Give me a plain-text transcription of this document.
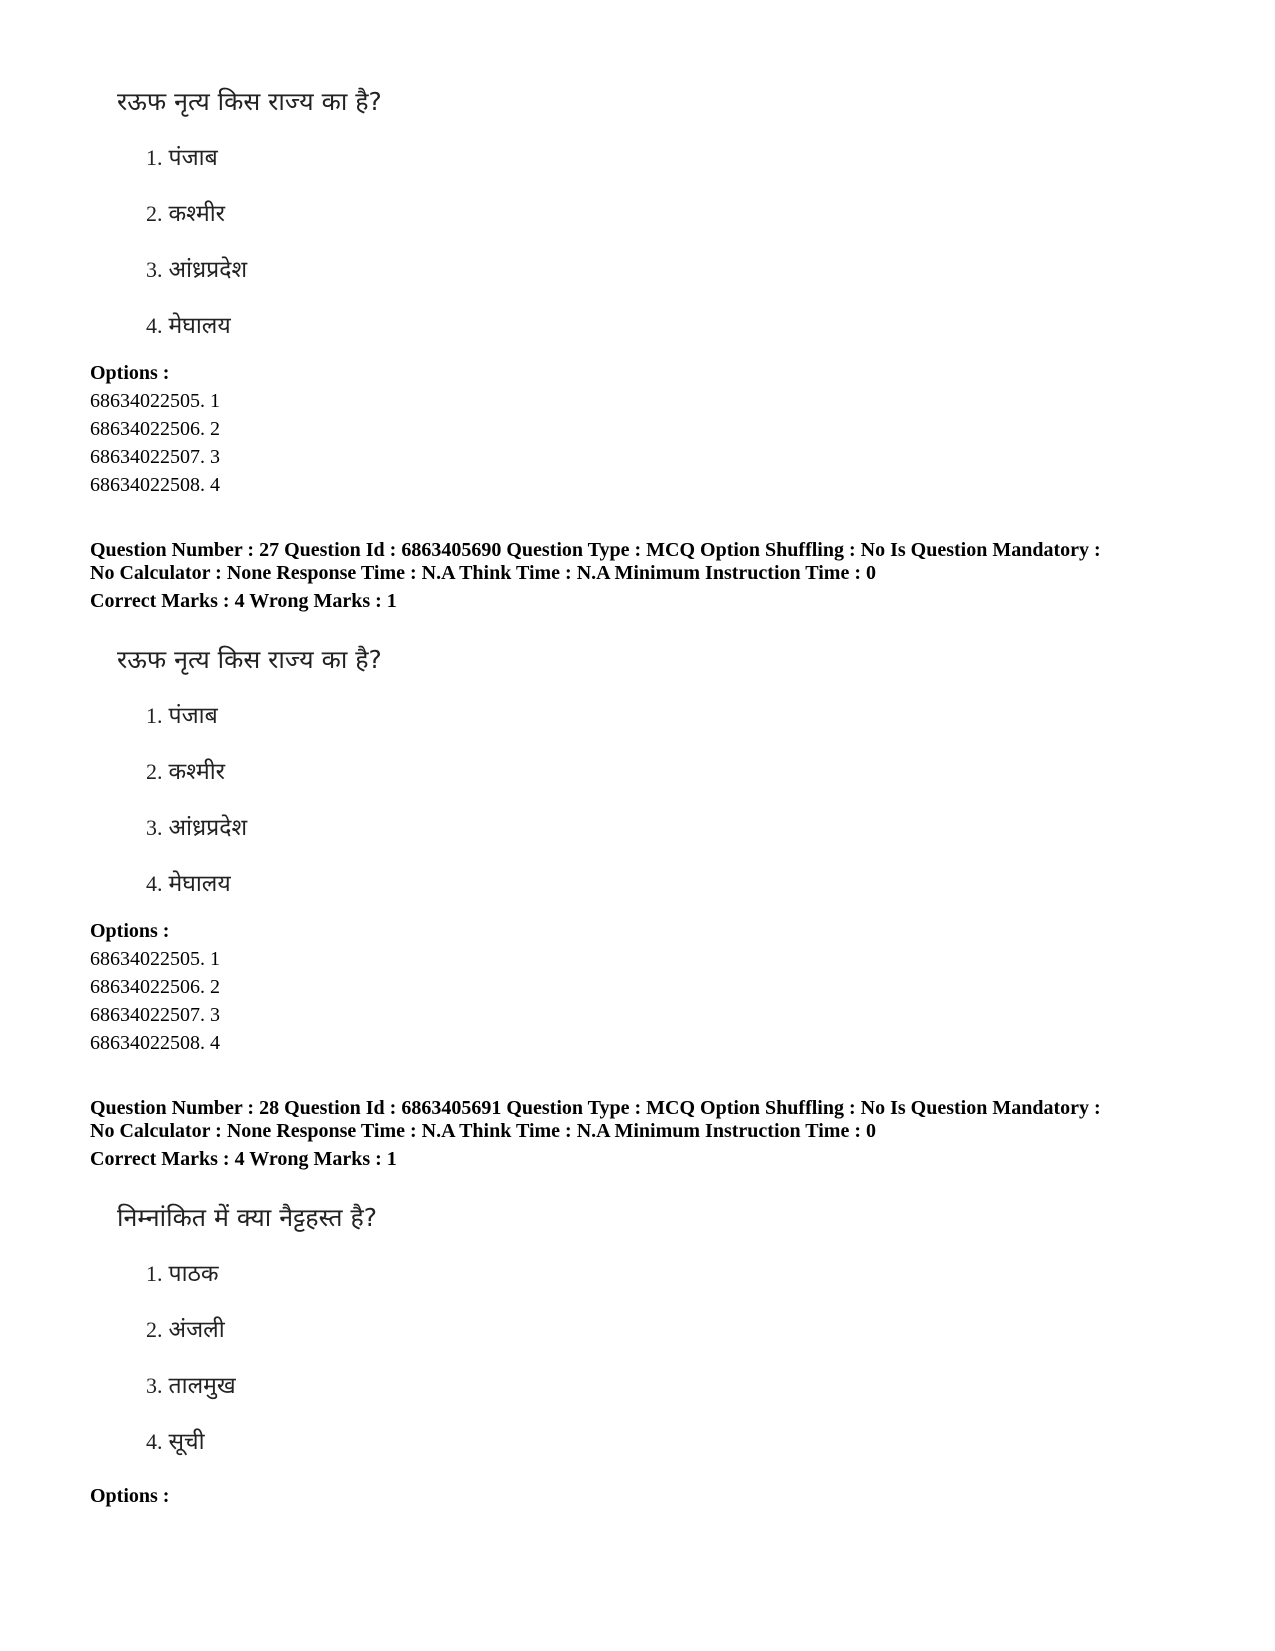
रऊफ नृत्य किस राज्य का है?
1. पंजाब
2. कश्मीर
3. आंध्रप्रदेश
4. मेघालय
Options :
68634022505. 1
68634022506. 2
68634022507. 3
68634022508. 4
Question Number : 27 Question Id : 6863405690 Question Type : MCQ Option Shuffling : No Is Question Mandatory :
No Calculator : None Response Time : N.A Think Time : N.A Minimum Instruction Time : 0
Correct Marks : 4 Wrong Marks : 1
रऊफ नृत्य किस राज्य का है?
1. पंजाब
2. कश्मीर
3. आंध्रप्रदेश
4. मेघालय
Options :
68634022505. 1
68634022506. 2
68634022507. 3
68634022508. 4
Question Number : 28 Question Id : 6863405691 Question Type : MCQ Option Shuffling : No Is Question Mandatory :
No Calculator : None Response Time : N.A Think Time : N.A Minimum Instruction Time : 0
Correct Marks : 4 Wrong Marks : 1
निम्नांकित में क्या नैट्टहस्त है?
1. पाठक
2. अंजली
3. तालमुख
4. सूची
Options :
